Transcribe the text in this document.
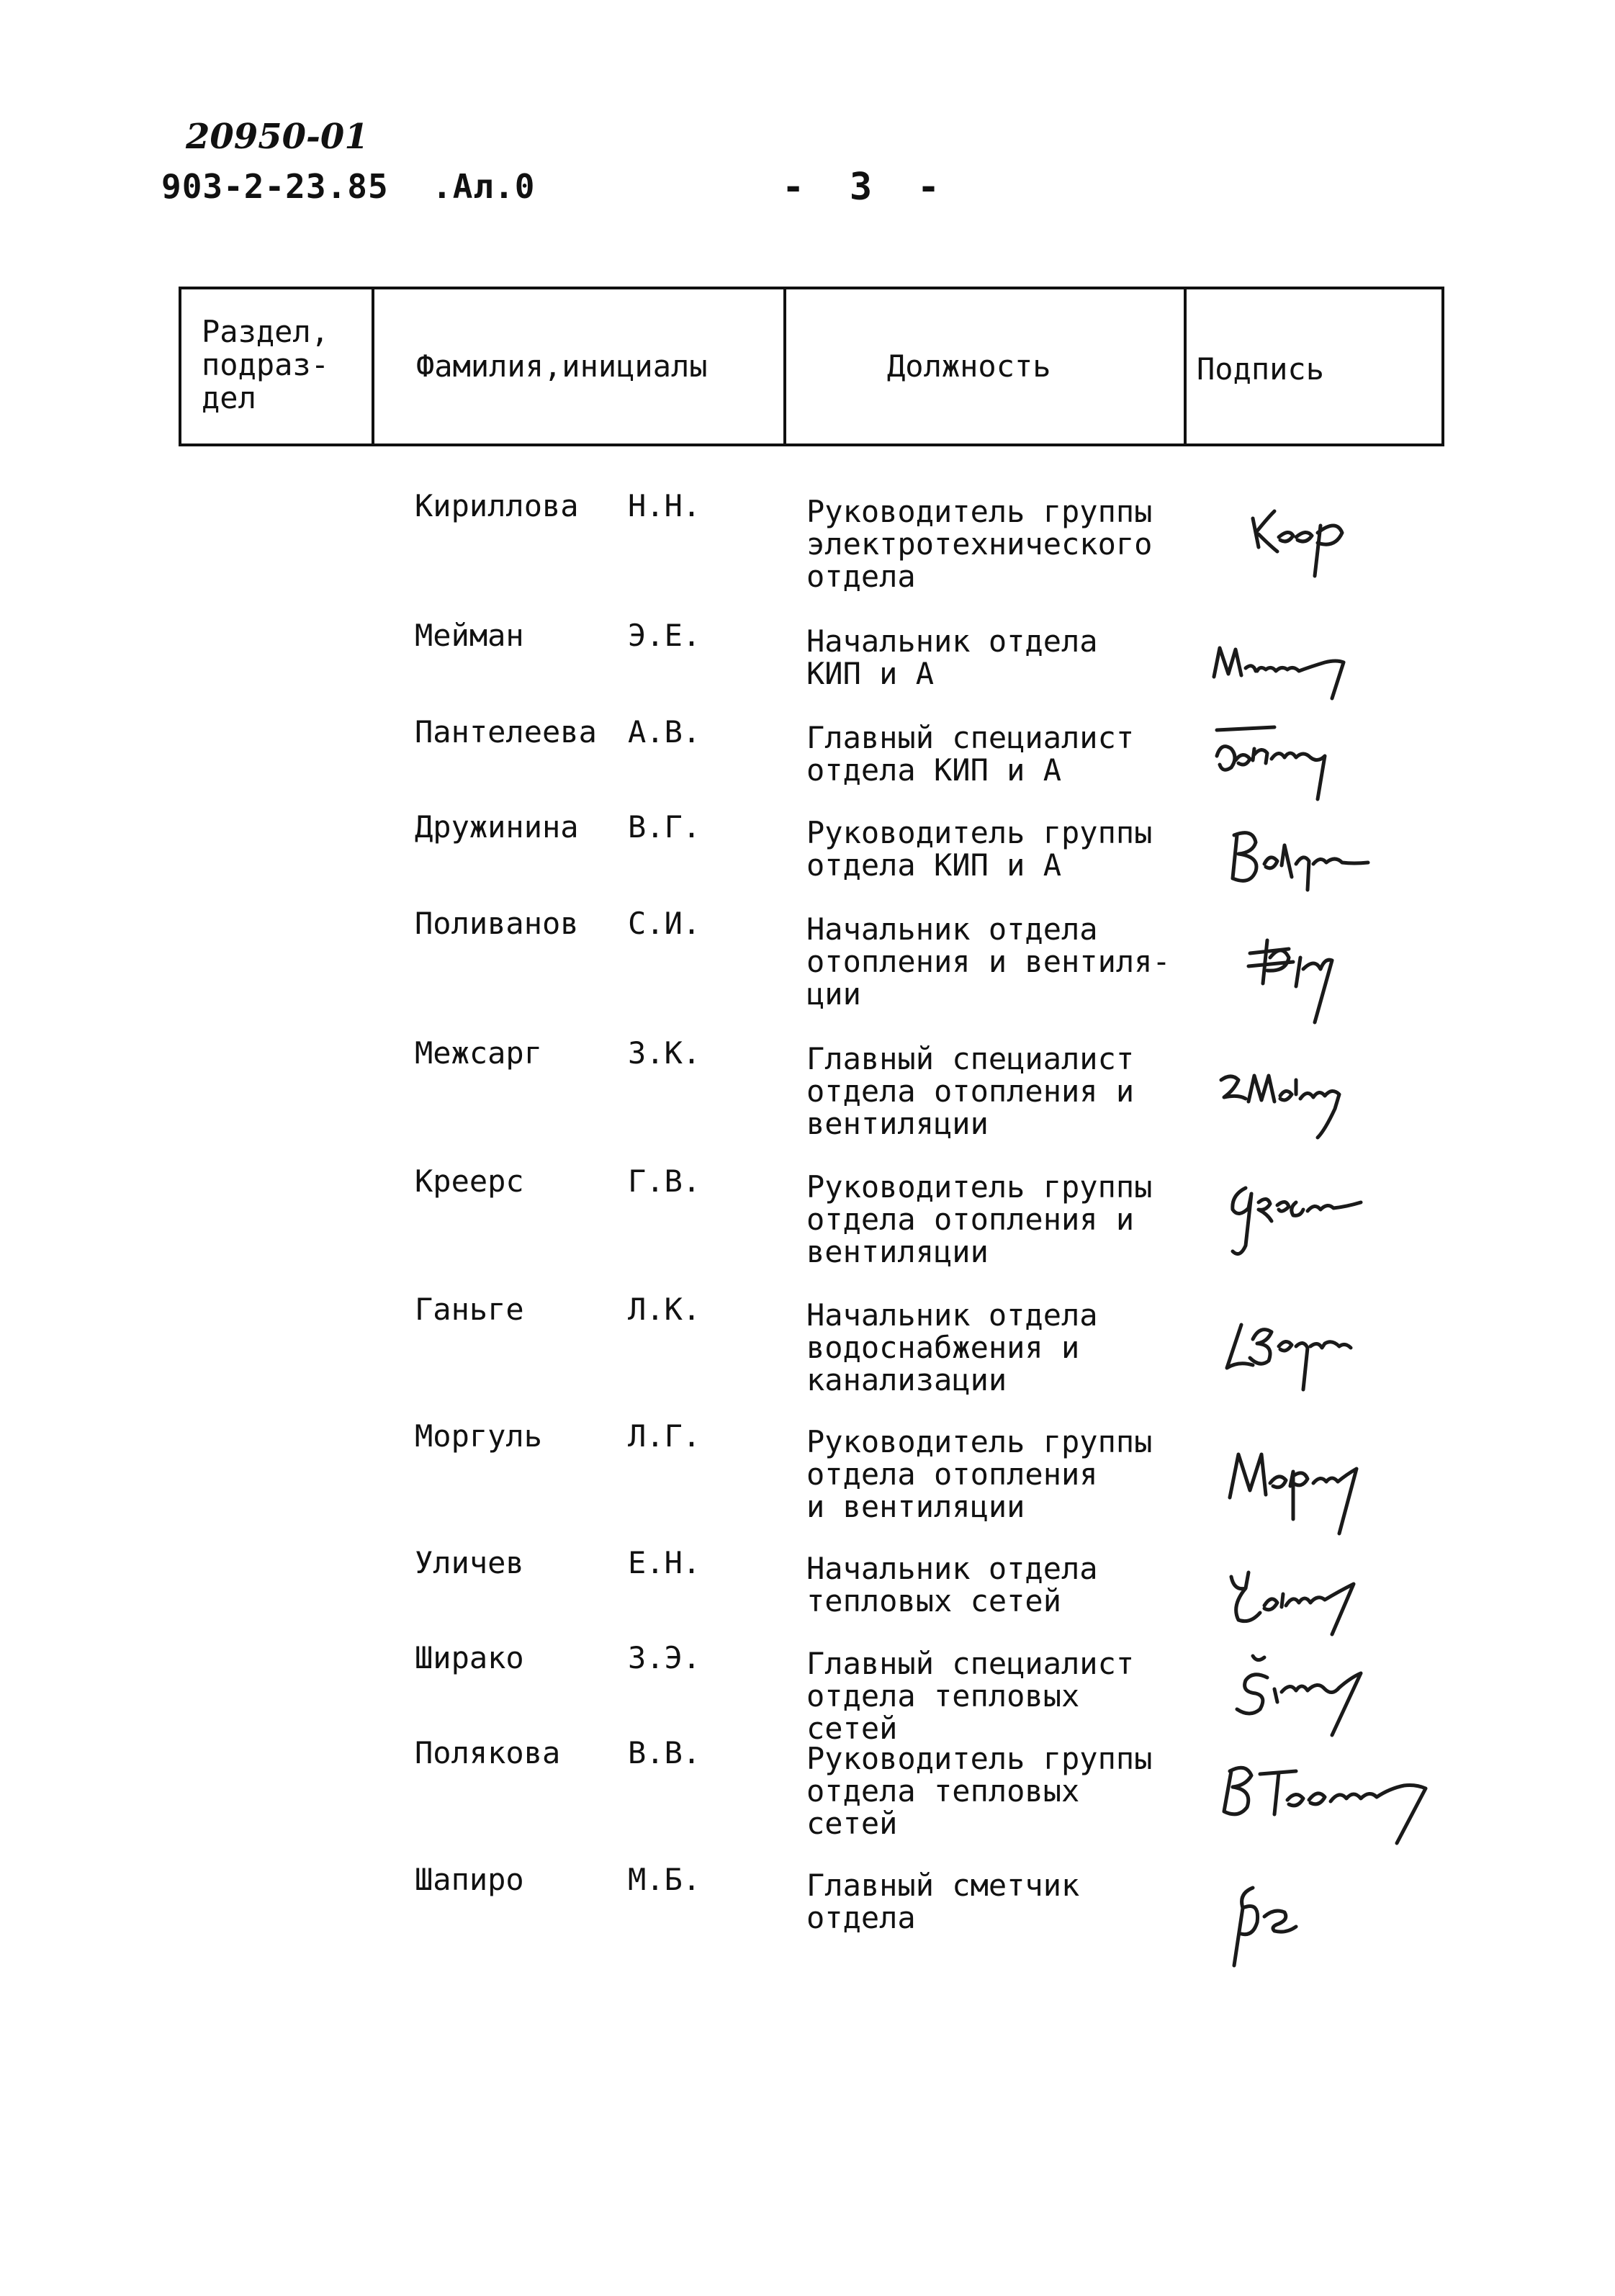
20950-01
903-2-23.85 .Ал.0	-  3  -
Раздел,
подраз-
дел
Фамилия,инициалы	Должность	Подпись
Кириллова Н.Н.	Руководитель группы
электротехнического
отдела
Мейман	Э.Е.	Начальник отдела
КИП и А
Пантелеева А.В.	Главный специалист
отдела КИП и А
Дружинина В.Г.	Руководитель группы
отдела КИП и А
Поливанов С.И.	Начальник отдела
отопления и вентиля-
ции
Межсарг	З.К.	Главный специалист
отдела отопления и
вентиляции
Креерс	Г.В.	Руководитель группы
отдела отопления и
вентиляции
Ганьге	Л.К.	Начальник отдела
водоснабжения и
канализации
Моргуль	Л.Г.	Руководитель группы
отдела отопления
и вентиляции
Уличев	Е.Н.	Начальник отдела
тепловых сетей
Ширако	З.Э.	Главный специалист
отдела тепловых
сетей
Полякова В.В.	Руководитель группы
отдела тепловых
сетей
Шапиро	М.Б.	Главный сметчик
отдела
